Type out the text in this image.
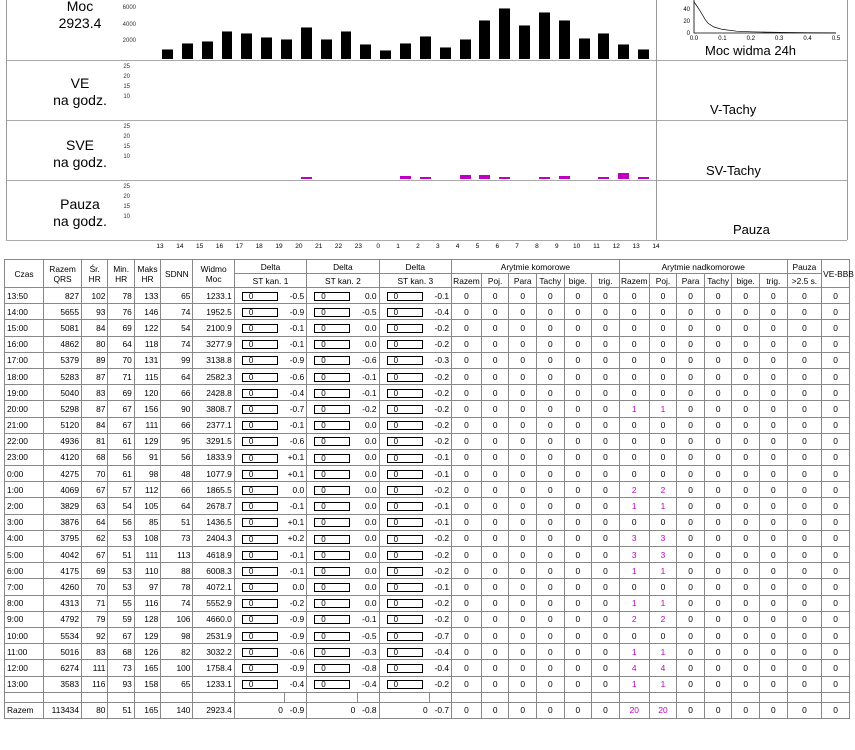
Moc
2923.4
VE
na godz.
SVE
na godz.
Pauza
na godz.
6000
4000
2000
25
20
15
10
25
20
15
10
25
20
15
10
13	14	15	16	17	18	19	20	21	22	23	0	1	2	3	4	5	6	7	8	9	10	11	12	13	14
Moc widma 24h
V-Tachy
SV-Tachy
Pauza
40
20
0
0.0	0.1	0.2	0.3	0.4	0.5
Czas	Razem
QRS	Śr.
HR	Min.
HR	Maks
HR	SDNN	Widmo
Moc	Delta		Delta		Delta		Arytmie komorowe						Arytmie nadkomorowe						Pauza	VE-BBB
							ST kan. 1		ST kan. 2		ST kan. 3		Razem	Poj.	Para	Tachy	bige.	trig.	Razem	Poj.	Para	Tachy	bige.	trig.	>2.5 s.	
13:50	827	102	78	133	65	1233.1	0	-0.5	0	0.0	0	-0.1	0	0	0	0	0	0	0	0	0	0	0	0	0	0
14:00	5655	93	76	146	74	1952.5	0	-0.9	0	-0.5	0	-0.4	0	0	0	0	0	0	0	0	0	0	0	0	0	0
15:00	5081	84	69	122	54	2100.9	0	-0.1	0	0.0	0	-0.2	0	0	0	0	0	0	0	0	0	0	0	0	0	0
16:00	4862	80	64	118	74	3277.9	0	-0.1	0	0.0	0	-0.2	0	0	0	0	0	0	0	0	0	0	0	0	0	0
17:00	5379	89	70	131	99	3138.8	0	-0.9	0	-0.6	0	-0.3	0	0	0	0	0	0	0	0	0	0	0	0	0	0
18:00	5283	87	71	115	64	2582.3	0	-0.6	0	-0.1	0	-0.2	0	0	0	0	0	0	0	0	0	0	0	0	0	0
19:00	5040	83	69	120	66	2428.8	0	-0.4	0	-0.1	0	-0.2	0	0	0	0	0	0	0	0	0	0	0	0	0	0
20:00	5298	87	67	156	90	3808.7	0	-0.7	0	-0.2	0	-0.2	0	0	0	0	0	0	1	1	0	0	0	0	0	0
21:00	5120	84	67	111	66	2377.1	0	-0.1	0	0.0	0	-0.2	0	0	0	0	0	0	0	0	0	0	0	0	0	0
22:00	4936	81	61	129	95	3291.5	0	-0.6	0	0.0	0	-0.2	0	0	0	0	0	0	0	0	0	0	0	0	0	0
23:00	4120	68	56	91	56	1833.9	0	+0.1	0	0.0	0	-0.1	0	0	0	0	0	0	0	0	0	0	0	0	0	0
0:00	4275	70	61	98	48	1077.9	0	+0.1	0	0.0	0	-0.1	0	0	0	0	0	0	0	0	0	0	0	0	0	0
1:00	4069	67	57	112	66	1865.5	0	0.0	0	0.0	0	-0.2	0	0	0	0	0	0	2	2	0	0	0	0	0	0
2:00	3829	63	54	105	64	2678.7	0	-0.1	0	0.0	0	-0.1	0	0	0	0	0	0	1	1	0	0	0	0	0	0
3:00	3876	64	56	85	51	1436.5	0	+0.1	0	0.0	0	-0.1	0	0	0	0	0	0	0	0	0	0	0	0	0	0
4:00	3795	62	53	108	73	2404.3	0	+0.2	0	0.0	0	-0.2	0	0	0	0	0	0	3	3	0	0	0	0	0	0
5:00	4042	67	51	111	113	4618.9	0	-0.1	0	0.0	0	-0.2	0	0	0	0	0	0	3	3	0	0	0	0	0	0
6:00	4175	69	53	110	88	6008.3	0	-0.1	0	0.0	0	-0.2	0	0	0	0	0	0	1	1	0	0	0	0	0	0
7:00	4260	70	53	97	78	4072.1	0	0.0	0	0.0	0	-0.1	0	0	0	0	0	0	0	0	0	0	0	0	0	0
8:00	4313	71	55	116	74	5552.9	0	-0.2	0	0.0	0	-0.2	0	0	0	0	0	0	1	1	0	0	0	0	0	0
9:00	4792	79	59	128	106	4660.0	0	-0.9	0	-0.1	0	-0.2	0	0	0	0	0	0	2	2	0	0	0	0	0	0
10:00	5534	92	67	129	98	2531.9	0	-0.9	0	-0.5	0	-0.7	0	0	0	0	0	0	0	0	0	0	0	0	0	0
11:00	5016	83	68	126	82	3032.2	0	-0.6	0	-0.3	0	-0.4	0	0	0	0	0	0	1	1	0	0	0	0	0	0
12:00	6274	111	73	165	100	1758.4	0	-0.9	0	-0.8	0	-0.4	0	0	0	0	0	0	4	4	0	0	0	0	0	0
13:00	3583	116	93	158	65	1233.1	0	-0.4	0	-0.4	0	-0.2	0	0	0	0	0	0	1	1	0	0	0	0	0	0

Razem	113434	80	51	165	140	2923.4	0	-0.9	0	-0.8	0	-0.7	0	0	0	0	0	0	20	20	0	0	0	0	0	0
